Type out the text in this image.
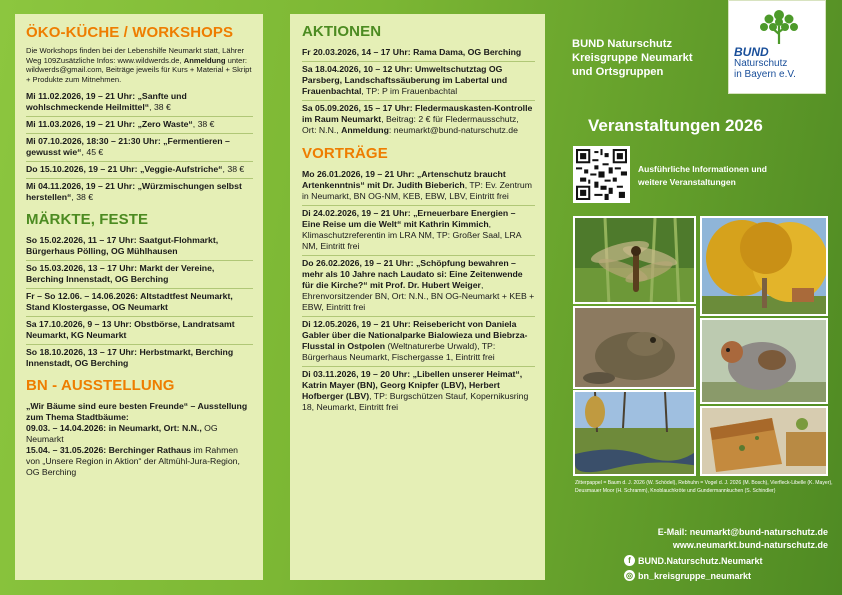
ÖKO-KÜCHE / WORKSHOPS
Die Workshops finden bei der Lebenshilfe Neumarkt statt, Lährer Weg 109Zusätzliche Infos: www.wildwerds.de, Anmeldung unter: wildwerds@gmail.com, Beiträge jeweils für Kurs + Material + Skript + Produkte zum Mitnehmen.
Mi 11.02.2026, 19 – 21 Uhr: „Sanfte und wohlschmeckende Heilmittel“, 38 €
Mi 11.03.2026, 19 – 21 Uhr: „Zero Waste“, 38 €
Mi 07.10.2026, 18:30 – 21:30 Uhr: „Fermentieren – gewusst wie“, 45 €
Do 15.10.2026, 19 – 21 Uhr: „Veggie-Aufstriche“, 38 €
Mi 04.11.2026, 19 – 21 Uhr: „Würzmischungen selbst herstellen“, 38 €
MÄRKTE, FESTE
So 15.02.2026, 11 – 17 Uhr: Saatgut-Flohmarkt, Bürgerhaus Pölling, OG Mühlhausen
So 15.03.2026, 13 – 17 Uhr: Markt der Vereine, Berching Innenstadt, OG Berching
Fr – So 12.06. – 14.06.2026: Altstadtfest Neumarkt, Stand Klostergasse, OG Neumarkt
Sa 17.10.2026, 9 – 13 Uhr: Obstbörse, Landratsamt Neumarkt, KG Neumarkt
So 18.10.2026, 13 – 17 Uhr: Herbstmarkt, Berching Innenstadt, OG Berching
BN - AUSSTELLUNG
„Wir Bäume sind eure besten Freunde“ – Ausstellung zum Thema Stadtbäume:
09.03. – 14.04.2026: in Neumarkt, Ort: N.N., OG Neumarkt
15.04. – 31.05.2026: Berchinger Rathaus im Rahmen von „Unsere Region in Aktion“ der Altmühl-Jura-Region, OG Berching
AKTIONEN
Fr 20.03.2026, 14 – 17 Uhr: Rama Dama, OG Berching
Sa 18.04.2026, 10 – 12 Uhr: Umweltschutztag OG Parsberg, Landschaftssäuberung im Labertal und Frauenbachtal, TP: P im Frauenbachtal
Sa 05.09.2026, 15 – 17 Uhr: Fledermauskasten-Kontrolle im Raum Neumarkt, Beitrag: 2 € für Fledermausschutz, Ort: N.N., Anmeldung: neumarkt@bund-naturschutz.de
VORTRÄGE
Mo 26.01.2026, 19 – 21 Uhr: „Artenschutz braucht Artenkenntnis“ mit Dr. Judith Bieberich, TP: Ev. Zentrum in Neumarkt, BN OG-NM, KEB, EBW, LBV, Eintritt frei
Di 24.02.2026, 19 – 21 Uhr: „Erneuerbare Energien – Eine Reise um die Welt“ mit Kathrin Kimmich, Klimaschutzreferentin im LRA NM, TP: Großer Saal, LRA NM, Eintritt frei
Do 26.02.2026, 19 – 21 Uhr: „Schöpfung bewahren – mehr als 10 Jahre nach Laudato si: Eine Zeitenwende für die Kirche?“ mit Prof. Dr. Hubert Weiger, Ehrenvorsitzender BN, Ort: N.N., BN OG-Neumarkt + KEB + EBW, Eintritt frei
Di 12.05.2026, 19 – 21 Uhr: Reisebericht von Daniela Gabler über die Nationalparke Bialowieza und Biebrza-Flusstal in Ostpolen (Weltnaturerbe Urwald), TP: Bürgerhaus Neumarkt, Fischergasse 1, Eintritt frei
Di 03.11.2026, 19 – 20 Uhr: „Libellen unserer Heimat“, Katrin Mayer (BN), Georg Knipfer (LBV), Herbert Hofberger (LBV), TP: Burgschützen Stauf, Kopernikusring 18, Neumarkt, Eintritt frei
BUND
Naturschutz
in Bayern e.V.
BUND Naturschutz
Kreisgruppe Neumarkt
und Ortsgruppen
Veranstaltungen 2026
Ausführliche Informationen und
weitere Veranstaltungen
Zitterpappel = Baum d. J. 2026 (W. Schödel), Rebhuhn = Vogel d. J. 2026 (M. Bosch), Vierfleck-Libelle (K. Mayer), Deusmauer Moor (H. Schramm), Knoblauchkröte und Gundermannkuchen (S. Schindler)
E-Mail: neumarkt@bund-naturschutz.de
www.neumarkt.bund-naturschutz.de
f BUND.Naturschutz.Neumarkt
◎ bn_kreisgruppe_neumarkt
